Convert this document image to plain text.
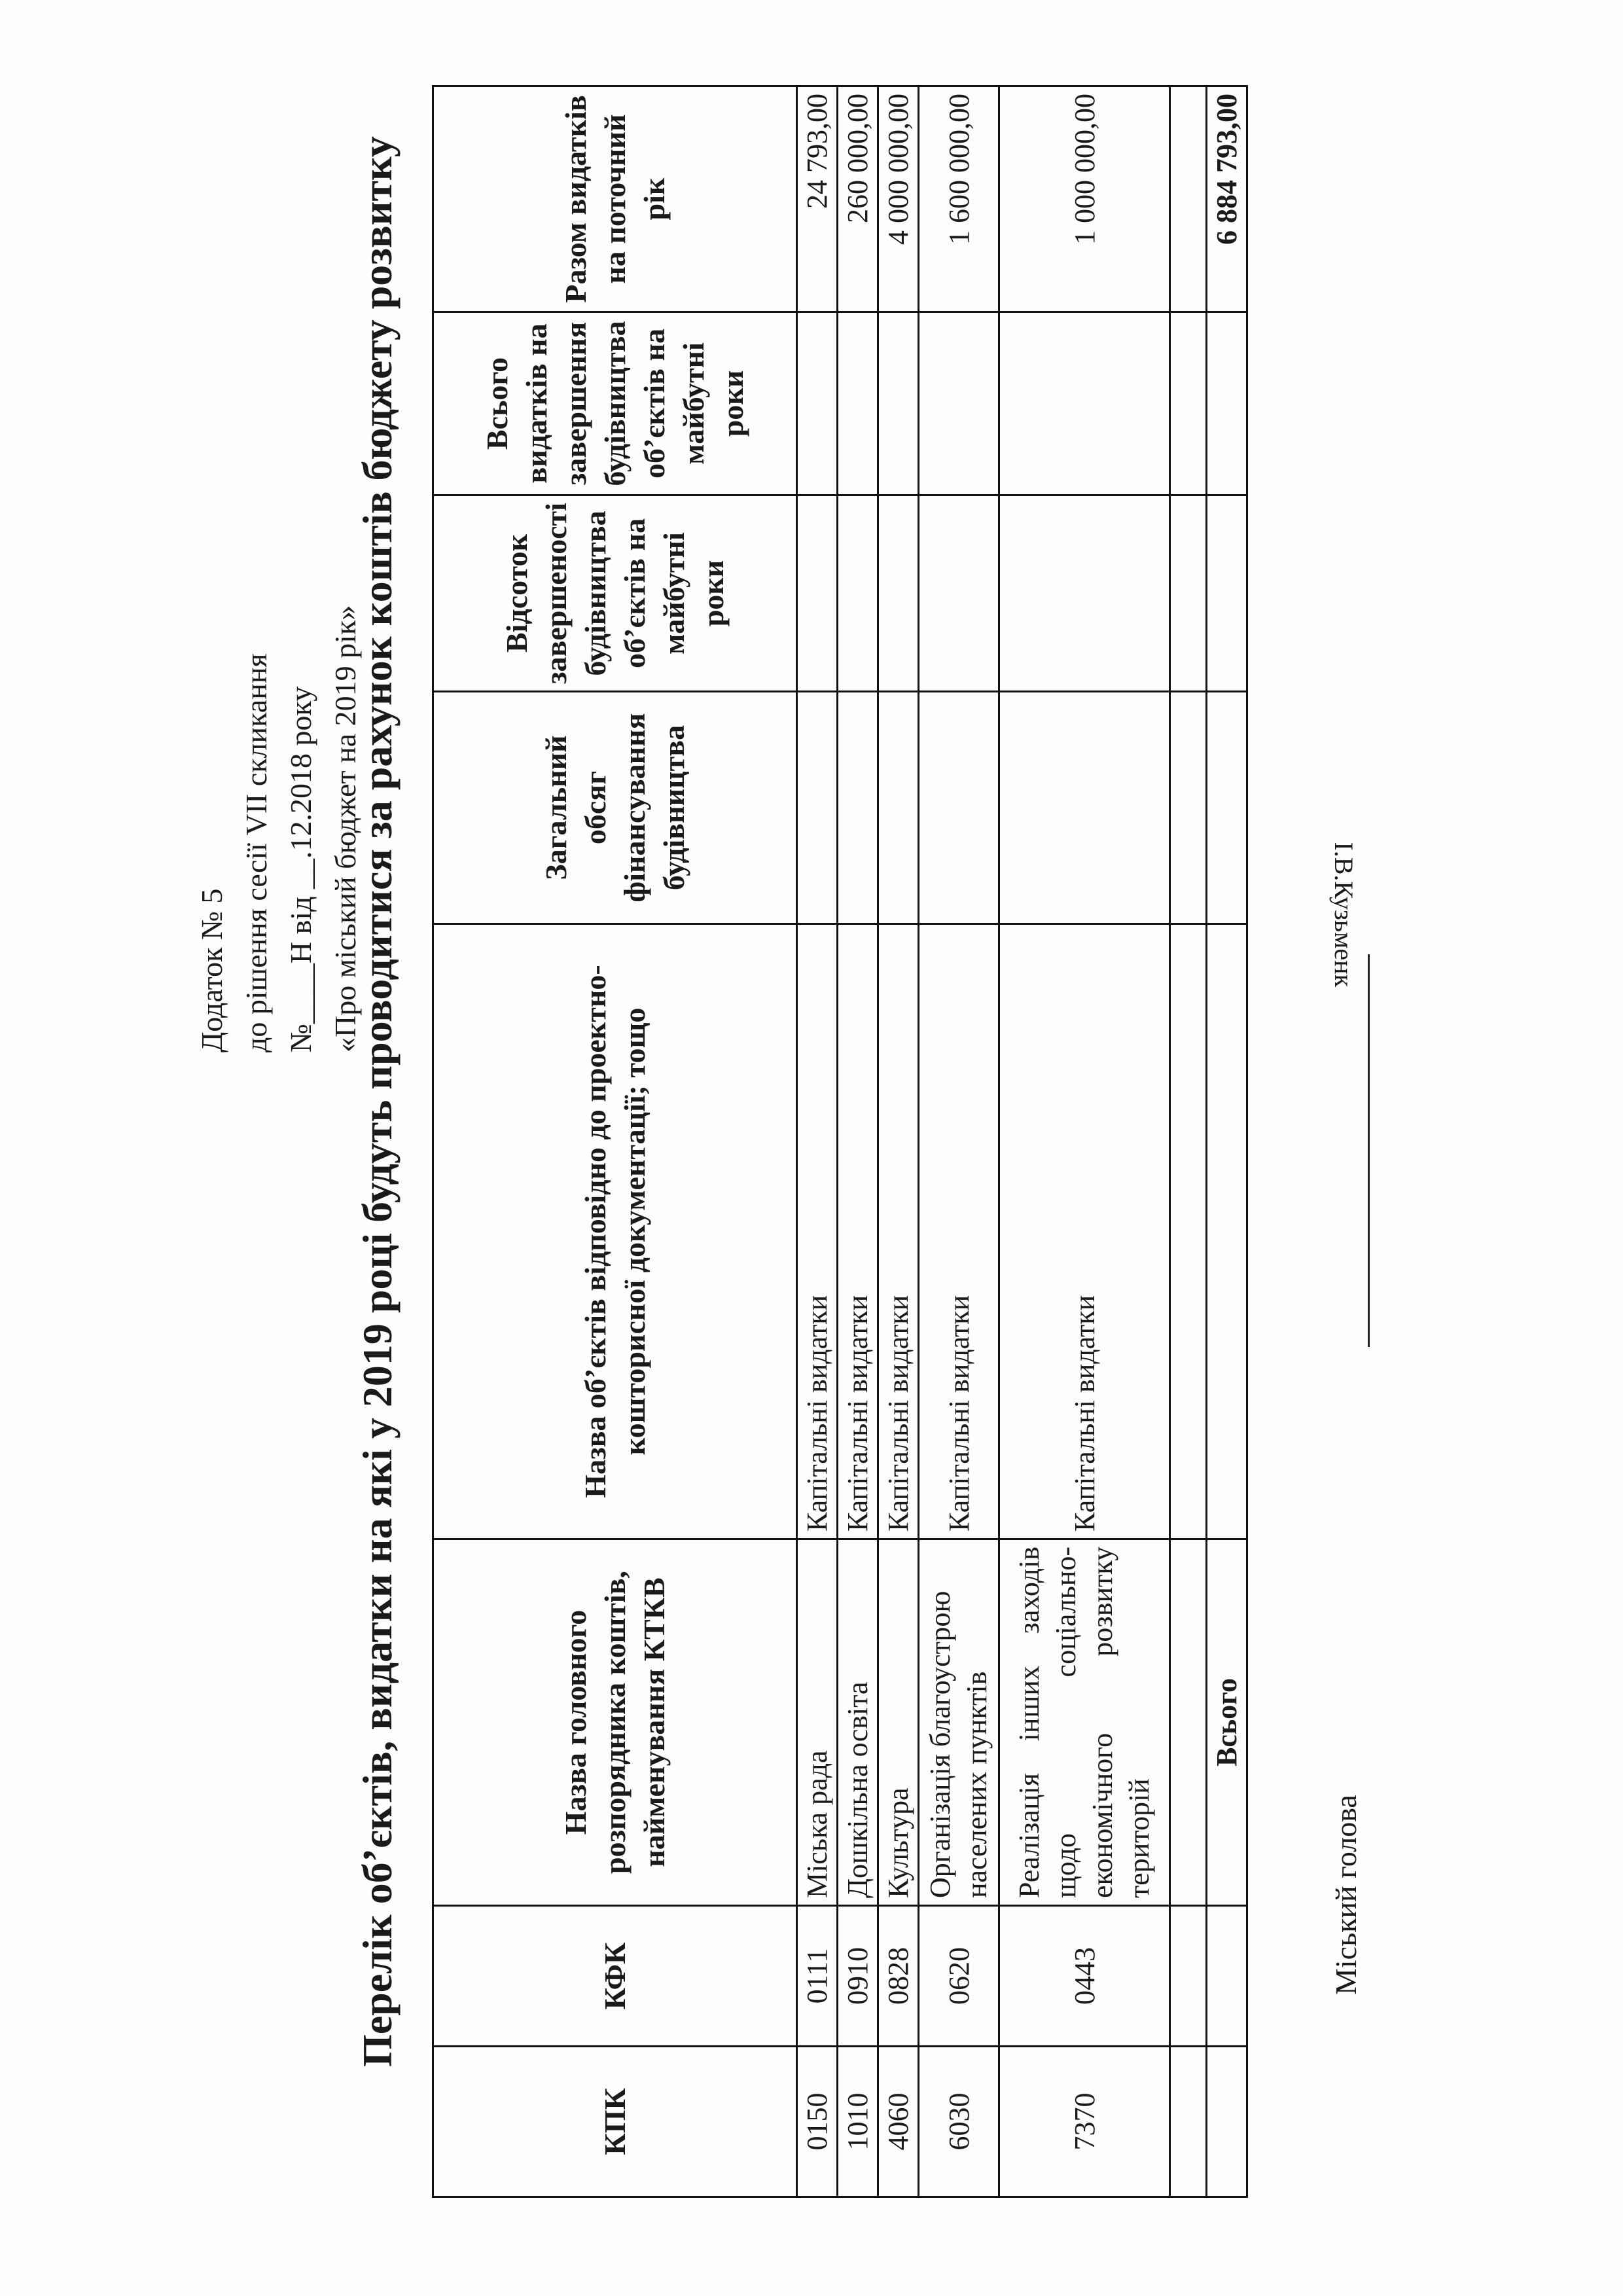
Додаток № 5 до рішення сесії VII скликання №____Н від __.12.2018 року «Про міський бюджет на 2019 рік»
Перелік об’єктів, видатки на які у 2019 році будуть проводитися за рахунок коштів бюджету розвитку
КПК	КФК	Назва головного розпорядника коштів, найменування КТКВ	Назва об’єктів відповідно до проектно- кошторисної документації; тощо	Загальний обсяг фінансування будівництва	Відсоток завершеності будівництва об’єктів на майбутні роки	Всього видатків на завершення будівництва об’єктів на майбутні роки	Разом видатків на поточний рік
0150	0111	Міська рада	Капітальні видатки				24 793,00
1010	0910	Дошкільна освіта	Капітальні видатки				260 000,00
4060	0828	Культура	Капітальні видатки				4 000 000,00
6030	0620	Організація благоустрою населених пунктів	Капітальні видатки				1 600 000,00
7370	0443	Реалізація інших заходів щодо соціально-економічного розвитку територій	Капітальні видатки				1 000 000,00

		Всього					6 884 793,00
Міський голова
І.В.Кузьменк
